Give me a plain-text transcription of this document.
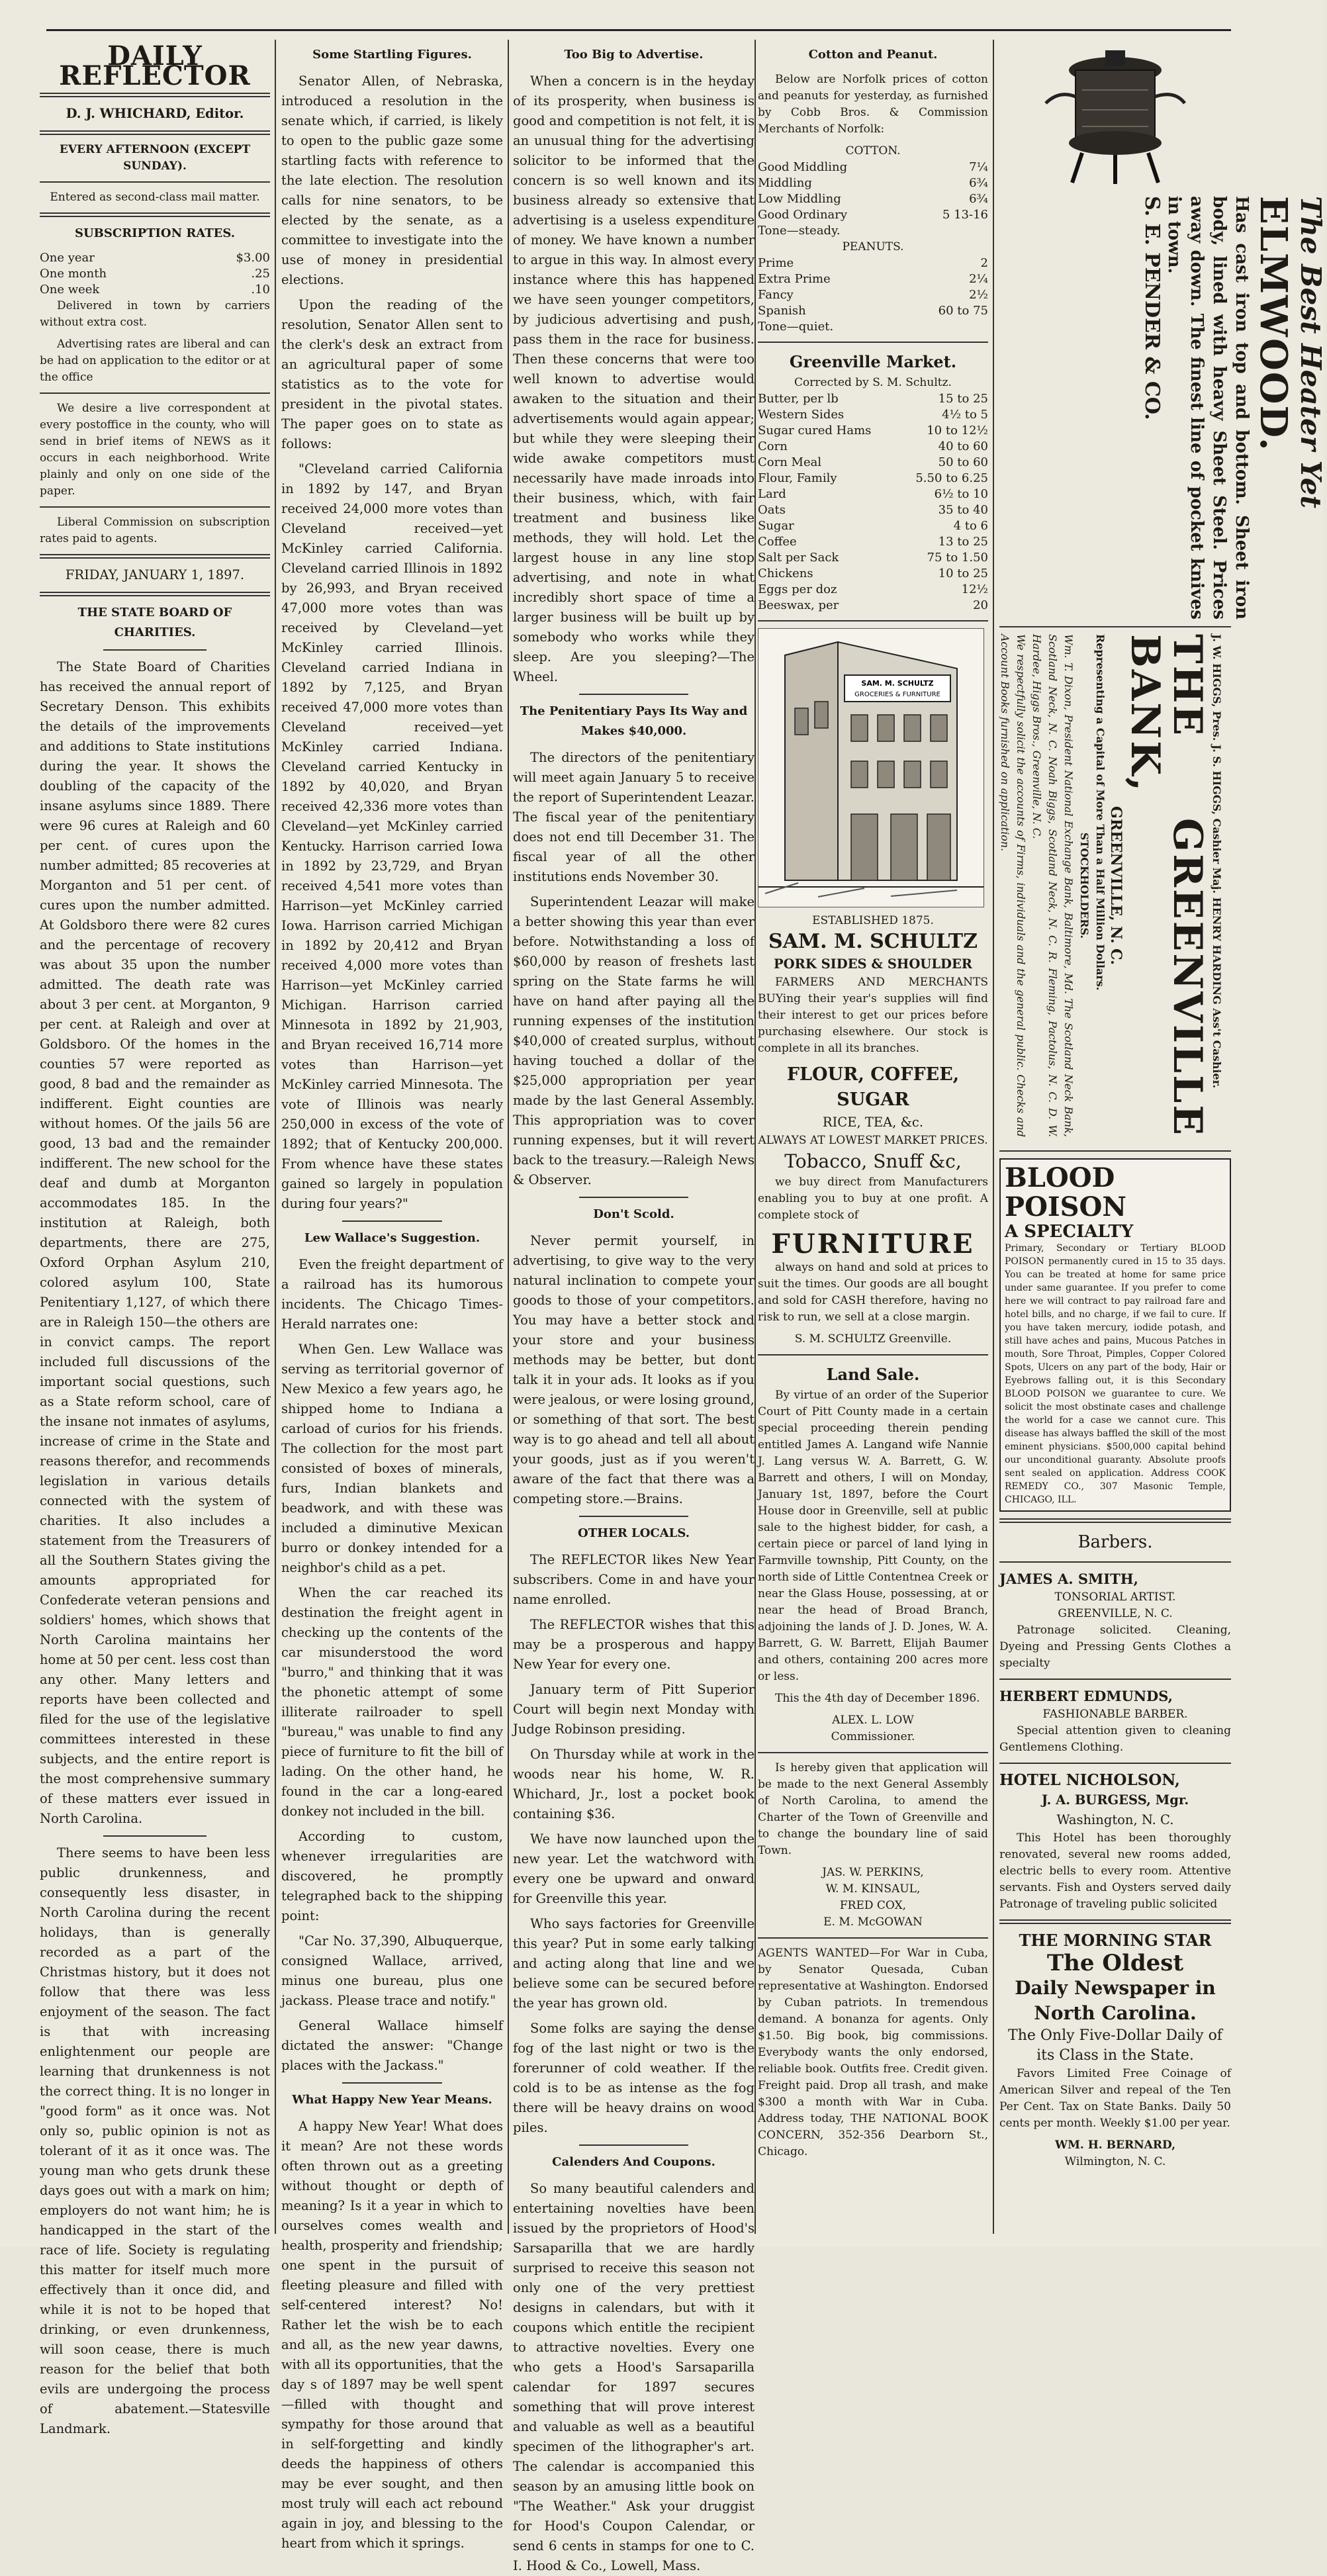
DAILY REFLECTOR
D. J. WHICHARD, Editor.
EVERY AFTERNOON (EXCEPT SUNDAY).
Entered as second-class mail matter.
SUBSCRIPTION RATES.
One year	$3.00
One month	.25
One week	.10

Delivered in town by carriers without extra cost.

Advertising rates are liberal and can be had on application to the editor or at the office

We desire a live correspondent at every postoffice in the county, who will send in brief items of NEWS as it occurs in each neighborhood. Write plainly and only on one side of the paper.

Liberal Commission on subscription rates paid to agents.

FRIDAY, JANUARY 1, 1897.
THE STATE BOARD OF CHARITIES.

The State Board of Charities has received the annual report of Secretary Denson. This exhibits the details of the improvements and additions to State institutions during the year. It shows the doubling of the capacity of the insane asylums since 1889. There were 96 cures at Raleigh and 60 per cent. of cures upon the number admitted; 85 recoveries at Morganton and 51 per cent. of cures upon the number admitted. At Goldsboro there were 82 cures and the percentage of recovery was about 35 upon the number admitted. The death rate was about 3 per cent. at Morganton, 9 per cent. at Raleigh and over at Goldsboro. Of the homes in the counties 57 were reported as good, 8 bad and the remainder as indifferent. Eight counties are without homes. Of the jails 56 are good, 13 bad and the remainder indifferent. The new school for the deaf and dumb at Morganton accommodates 185. In the institution at Raleigh, both departments, there are 275, Oxford Orphan Asylum 210, colored asylum 100, State Penitentiary 1,127, of which there are in Raleigh 150—the others are in convict camps. The report included full discussions of the important social questions, such as a State reform school, care of the insane not inmates of asylums, increase of crime in the State and reasons therefor, and recommends legislation in various details connected with the system of charities. It also includes a statement from the Treasurers of all the Southern States giving the amounts appropriated for Confederate veteran pensions and soldiers' homes, which shows that North Carolina maintains her home at 50 per cent. less cost than any other. Many letters and reports have been collected and filed for the use of the legislative committees interested in these subjects, and the entire report is the most comprehensive summary of these matters ever issued in North Carolina.

There seems to have been less public drunkenness, and consequently less disaster, in North Carolina during the recent holidays, than is generally recorded as a part of the Christmas history, but it does not follow that there was less enjoyment of the season. The fact is that with increasing enlightenment our people are learning that drunkenness is not the correct thing. It is no longer in "good form" as it once was. Not only so, public opinion is not as tolerant of it as it once was. The young man who gets drunk these days goes out with a mark on him; employers do not want him; he is handicapped in the start of the race of life. Society is regulating this matter for itself much more effectively than it once did, and while it is not to be hoped that drinking, or even drunkenness, will soon cease, there is much reason for the belief that both evils are undergoing the process of abatement.—Statesville Landmark.

Some Startling Figures.

Senator Allen, of Nebraska, introduced a resolution in the senate which, if carried, is likely to open to the public gaze some startling facts with reference to the late election. The resolution calls for nine senators, to be elected by the senate, as a committee to investigate into the use of money in presidential elections.

Upon the reading of the resolution, Senator Allen sent to the clerk's desk an extract from an agricultural paper of some statistics as to the vote for president in the pivotal states. The paper goes on to state as follows:

"Cleveland carried California in 1892 by 147, and Bryan received 24,000 more votes than Cleveland received—yet McKinley carried California. Cleveland carried Illinois in 1892 by 26,993, and Bryan received 47,000 more votes than was received by Cleveland—yet McKinley carried Illinois. Cleveland carried Indiana in 1892 by 7,125, and Bryan received 47,000 more votes than Cleveland received—yet McKinley carried Indiana. Cleveland carried Kentucky in 1892 by 40,020, and Bryan received 42,336 more votes than Cleveland—yet McKinley carried Kentucky. Harrison carried Iowa in 1892 by 23,729, and Bryan received 4,541 more votes than Harrison—yet McKinley carried Iowa. Harrison carried Michigan in 1892 by 20,412 and Bryan received 4,000 more votes than Harrison—yet McKinley carried Michigan. Harrison carried Minnesota in 1892 by 21,903, and Bryan received 16,714 more votes than Harrison—yet McKinley carried Minnesota. The vote of Illinois was nearly 250,000 in excess of the vote of 1892; that of Kentucky 200,000. From whence have these states gained so largely in population during four years?"

Lew Wallace's Suggestion.

Even the freight department of a railroad has its humorous incidents. The Chicago Times-Herald narrates one:

When Gen. Lew Wallace was serving as territorial governor of New Mexico a few years ago, he shipped home to Indiana a carload of curios for his friends. The collection for the most part consisted of boxes of minerals, furs, Indian blankets and beadwork, and with these was included a diminutive Mexican burro or donkey intended for a neighbor's child as a pet.

When the car reached its destination the freight agent in checking up the contents of the car misunderstood the word "burro," and thinking that it was the phonetic attempt of some illiterate railroader to spell "bureau," was unable to find any piece of furniture to fit the bill of lading. On the other hand, he found in the car a long-eared donkey not included in the bill.

According to custom, whenever irregularities are discovered, he promptly telegraphed back to the shipping point:

"Car No. 37,390, Albuquerque, consigned Wallace, arrived, minus one bureau, plus one jackass. Please trace and notify."

General Wallace himself dictated the answer: "Change places with the Jackass."

What Happy New Year Means.

A happy New Year! What does it mean? Are not these words often thrown out as a greeting without thought or depth of meaning? Is it a year in which to ourselves comes wealth and health, prosperity and friendship; one spent in the pursuit of fleeting pleasure and filled with self-centered interest? No! Rather let the wish be to each and all, as the new year dawns, with all its opportunities, that the day s of 1897 may be well spent—filled with thought and sympathy for those around that in self-forgetting and kindly deeds the happiness of others may be ever sought, and then most truly will each act rebound again in joy, and blessing to the heart from which it springs.

Too Big to Advertise.

When a concern is in the heyday of its prosperity, when business is good and competition is not felt, it is an unusual thing for the advertising solicitor to be informed that the concern is so well known and its business already so extensive that advertising is a useless expenditure of money. We have known a number to argue in this way. In almost every instance where this has happened we have seen younger competitors, by judicious advertising and push, pass them in the race for business. Then these concerns that were too well known to advertise would awaken to the situation and their advertisements would again appear; but while they were sleeping their wide awake competitors must necessarily have made inroads into their business, which, with fair treatment and business like methods, they will hold. Let the largest house in any line stop advertising, and note in what incredibly short space of time a larger business will be built up by somebody who works while they sleep. Are you sleeping?—The Wheel.

The Penitentiary Pays Its Way and Makes $40,000.

The directors of the penitentiary will meet again January 5 to receive the report of Superintendent Leazar. The fiscal year of the penitentiary does not end till December 31. The fiscal year of all the other institutions ends November 30.

Superintendent Leazar will make a better showing this year than ever before. Notwithstanding a loss of $60,000 by reason of freshets last spring on the State farms he will have on hand after paying all the running expenses of the institution $40,000 of created surplus, without having touched a dollar of the $25,000 appropriation per year made by the last General Assembly. This appropriation was to cover running expenses, but it will revert back to the treasury.—Raleigh News & Observer.

Don't Scold.

Never permit yourself, in advertising, to give way to the very natural inclination to compete your goods to those of your competitors. You may have a better stock and your store and your business methods may be better, but dont talk it in your ads. It looks as if you were jealous, or were losing ground, or something of that sort. The best way is to go ahead and tell all about your goods, just as if you weren't aware of the fact that there was a competing store.—Brains.

OTHER LOCALS.

The REFLECTOR likes New Year subscribers. Come in and have your name enrolled.

The REFLECTOR wishes that this may be a prosperous and happy New Year for every one.

January term of Pitt Superior Court will begin next Monday with Judge Robinson presiding.

On Thursday while at work in the woods near his home, W. R. Whichard, Jr., lost a pocket book containing $36.

We have now launched upon the new year. Let the watchword with every one be upward and onward for Greenville this year.

Who says factories for Greenville this year? Put in some early talking and acting along that line and we believe some can be secured before the year has grown old.

Some folks are saying the dense fog of the last night or two is the forerunner of cold weather. If the cold is to be as intense as the fog there will be heavy drains on wood piles.

Calenders And Coupons.

So many beautiful calenders and entertaining novelties have been issued by the proprietors of Hood's Sarsaparilla that we are hardly surprised to receive this season not only one of the very prettiest designs in calendars, but with it coupons which entitle the recipient to attractive novelties. Every one who gets a Hood's Sarsaparilla calendar for 1897 secures something that will prove interest and valuable as well as a beautiful specimen of the lithographer's art. The calendar is accompanied this season by an amusing little book on "The Weather." Ask your druggist for Hood's Coupon Calendar, or send 6 cents in stamps for one to C. I. Hood & Co., Lowell, Mass.

Cotton and Peanut.

Below are Norfolk prices of cotton and peanuts for yesterday, as furnished by Cobb Bros. & Commission Merchants of Norfolk:

COTTON.
Good Middling	7¼
Middling	6¾
Low Middling	6¾
Good Ordinary	5 13-16
Tone—steady.
PEANUTS.
Prime	2
Extra Prime	2¼
Fancy	2½
Spanish	60 to 75
Tone—quiet.
Greenville Market.
Corrected by S. M. Schultz.
Butter, per lb	15 to 25
Western Sides	4½ to 5
Sugar cured Hams	10 to 12½
Corn	40 to 60
Corn Meal	50 to 60
Flour, Family	5.50 to 6.25
Lard	6½ to 10
Oats	35 to 40
Sugar	4 to 6
Coffee	13 to 25
Salt per Sack	75 to 1.50
Chickens	10 to 25
Eggs per doz	12½
Beeswax, per	20
SAM. M. SCHULTZ
GROCERIES & FURNITURE
ESTABLISHED 1875.
SAM. M. SCHULTZ
PORK SIDES & SHOULDER

FARMERS AND MERCHANTS BUYing their year's supplies will find their interest to get our prices before purchasing elsewhere. Our stock is complete in all its branches.

FLOUR, COFFEE, SUGAR
RICE, TEA, &c.
ALWAYS AT LOWEST MARKET PRICES.
Tobacco, Snuff &c,

we buy direct from Manufacturers enabling you to buy at one profit. A complete stock of

FURNITURE

always on hand and sold at prices to suit the times. Our goods are all bought and sold for CASH therefore, having no risk to run, we sell at a close margin.

S. M. SCHULTZ Greenville.
Land Sale.

By virtue of an order of the Superior Court of Pitt County made in a certain special proceeding therein pending entitled James A. Langand wife Nannie J. Lang versus W. A. Barrett, G. W. Barrett and others, I will on Monday, January 1st, 1897, before the Court House door in Greenville, sell at public sale to the highest bidder, for cash, a certain piece or parcel of land lying in Farmville township, Pitt County, on the north side of Little Contentnea Creek or near the Glass House, possessing, at or near the head of Broad Branch, adjoining the lands of J. D. Jones, W. A. Barrett, G. W. Barrett, Elijah Baumer and others, containing 200 acres more or less.

This the 4th day of December 1896.

ALEX. L. LOW
Commissioner.

Is hereby given that application will be made to the next General Assembly of North Carolina, to amend the Charter of the Town of Greenville and to change the boundary line of said Town.

JAS. W. PERKINS,
W. M. KINSAUL,
FRED COX,
E. M. McGOWAN

AGENTS WANTED—For War in Cuba, by Senator Quesada, Cuban representative at Washington. Endorsed by Cuban patriots. In tremendous demand. A bonanza for agents. Only $1.50. Big book, big commissions. Everybody wants the only endorsed, reliable book. Outfits free. Credit given. Freight paid. Drop all trash, and make $300 a month with War in Cuba. Address today, THE NATIONAL BOOK CONCERN, 352-356 Dearborn St., Chicago.

The Best Heater Yet
ELMWOOD.
Has cast iron top and bottom. Sheet iron body, lined with heavy Sheet Steel. Prices away down. The finest line of pocket knives in town.
S. E. PENDER & CO.
J. W. HIGGS, Pres. J. S. HIGGS, Cashier Maj. HENRY HARDING Ass't Cashier.
THE GREENVILLE BANK,
GREENVILLE, N. C.
Representing a Capital of More Than a Half Million Dollars.
STOCKHOLDERS.
Wm. T. Dixon, President National Exchange Bank, Baltimore, Md. The Scotland Neck Bank, Scotland Neck, N. C. Noah Biggs, Scotland Neck, N. C. R. Fleming, Pactolus, N. C. D. W. Hardee, Higgs Bros., Greenville, N. C.
We respectfully solicit the accounts of Firms, individuals and the general public. Checks and Account Books furnished on application.
BLOOD POISON
A SPECIALTY
Primary, Secondary or Tertiary BLOOD POISON permanently cured in 15 to 35 days. You can be treated at home for same price under same guarantee. If you prefer to come here we will contract to pay railroad fare and hotel bills, and no charge, if we fail to cure. If you have taken mercury, iodide potash, and still have aches and pains, Mucous Patches in mouth, Sore Throat, Pimples, Copper Colored Spots, Ulcers on any part of the body, Hair or Eyebrows falling out, it is this Secondary BLOOD POISON we guarantee to cure. We solicit the most obstinate cases and challenge the world for a case we cannot cure. This disease has always baffled the skill of the most eminent physicians. $500,000 capital behind our unconditional guaranty. Absolute proofs sent sealed on application. Address COOK REMEDY CO., 307 Masonic Temple, CHICAGO, ILL.
Barbers.
JAMES A. SMITH,
TONSORIAL ARTIST.
GREENVILLE, N. C.

Patronage solicited. Cleaning, Dyeing and Pressing Gents Clothes a specialty

HERBERT EDMUNDS,
FASHIONABLE BARBER.

Special attention given to cleaning Gentlemens Clothing.

HOTEL NICHOLSON,
J. A. BURGESS, Mgr.
Washington, N. C.

This Hotel has been thoroughly renovated, several new rooms added, electric bells to every room. Attentive servants. Fish and Oysters served daily Patronage of traveling public solicited

THE MORNING STAR
The Oldest
Daily Newspaper in
North Carolina.
The Only Five-Dollar Daily of its Class in the State.

Favors Limited Free Coinage of American Silver and repeal of the Ten Per Cent. Tax on State Banks. Daily 50 cents per month. Weekly $1.00 per year.

WM. H. BERNARD,
Wilmington, N. C.
